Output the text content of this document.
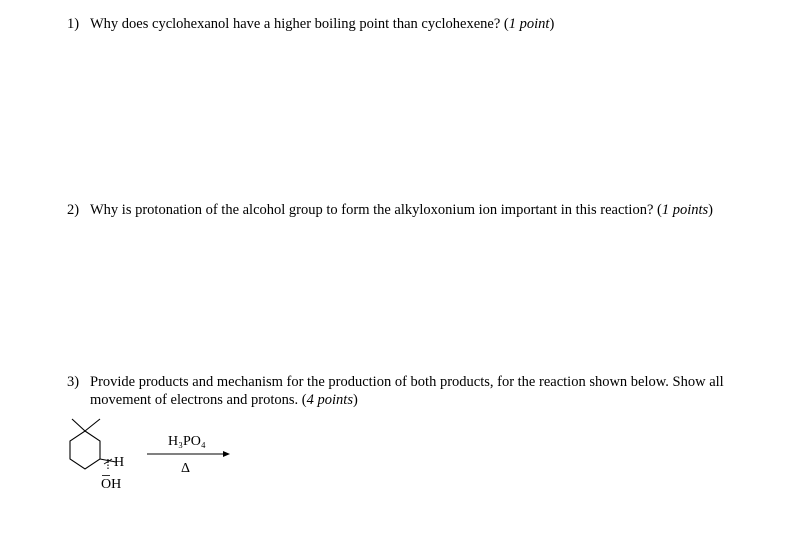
1) Why does cyclohexanol have a higher boiling point than cyclohexene? (1 point)
2) Why is protonation of the alcohol group to form the alkyloxonium ion important in this reaction? (1 points)
3) Provide products and mechanism for the production of both products, for the reaction shown below. Show all movement of electrons and protons. (4 points)
H
OH
H₃PO₄
Δ
